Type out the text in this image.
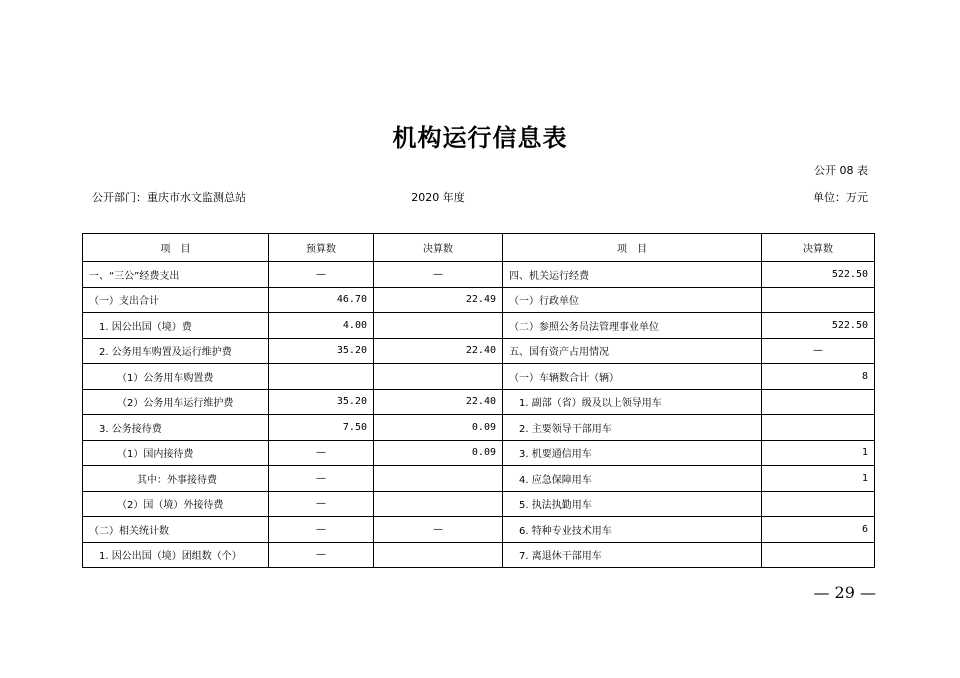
机构运行信息表
公开 08 表
公开部门：重庆市水文监测总站	2020 年度	单位：万元
项　目	预算数	决算数	项　目	决算数
一、“三公”经费支出	—	—	四、机关运行经费	522.50
（一）支出合计	46.70	22.49	（一）行政单位	
1. 因公出国（境）费	4.00		（二）参照公务员法管理事业单位	522.50
2. 公务用车购置及运行维护费	35.20	22.40	五、国有资产占用情况	—
（1）公务用车购置费			（一）车辆数合计（辆）	8
（2）公务用车运行维护费	35.20	22.40	1. 副部（省）级及以上领导用车	
3. 公务接待费	7.50	0.09	2. 主要领导干部用车	
（1）国内接待费	—	0.09	3. 机要通信用车	1
其中：外事接待费	—		4. 应急保障用车	1
（2）国（境）外接待费	—		5. 执法执勤用车	
（二）相关统计数	—	—	6. 特种专业技术用车	6
1. 因公出国（境）团组数（个）	—		7. 离退休干部用车	
— 29 —
